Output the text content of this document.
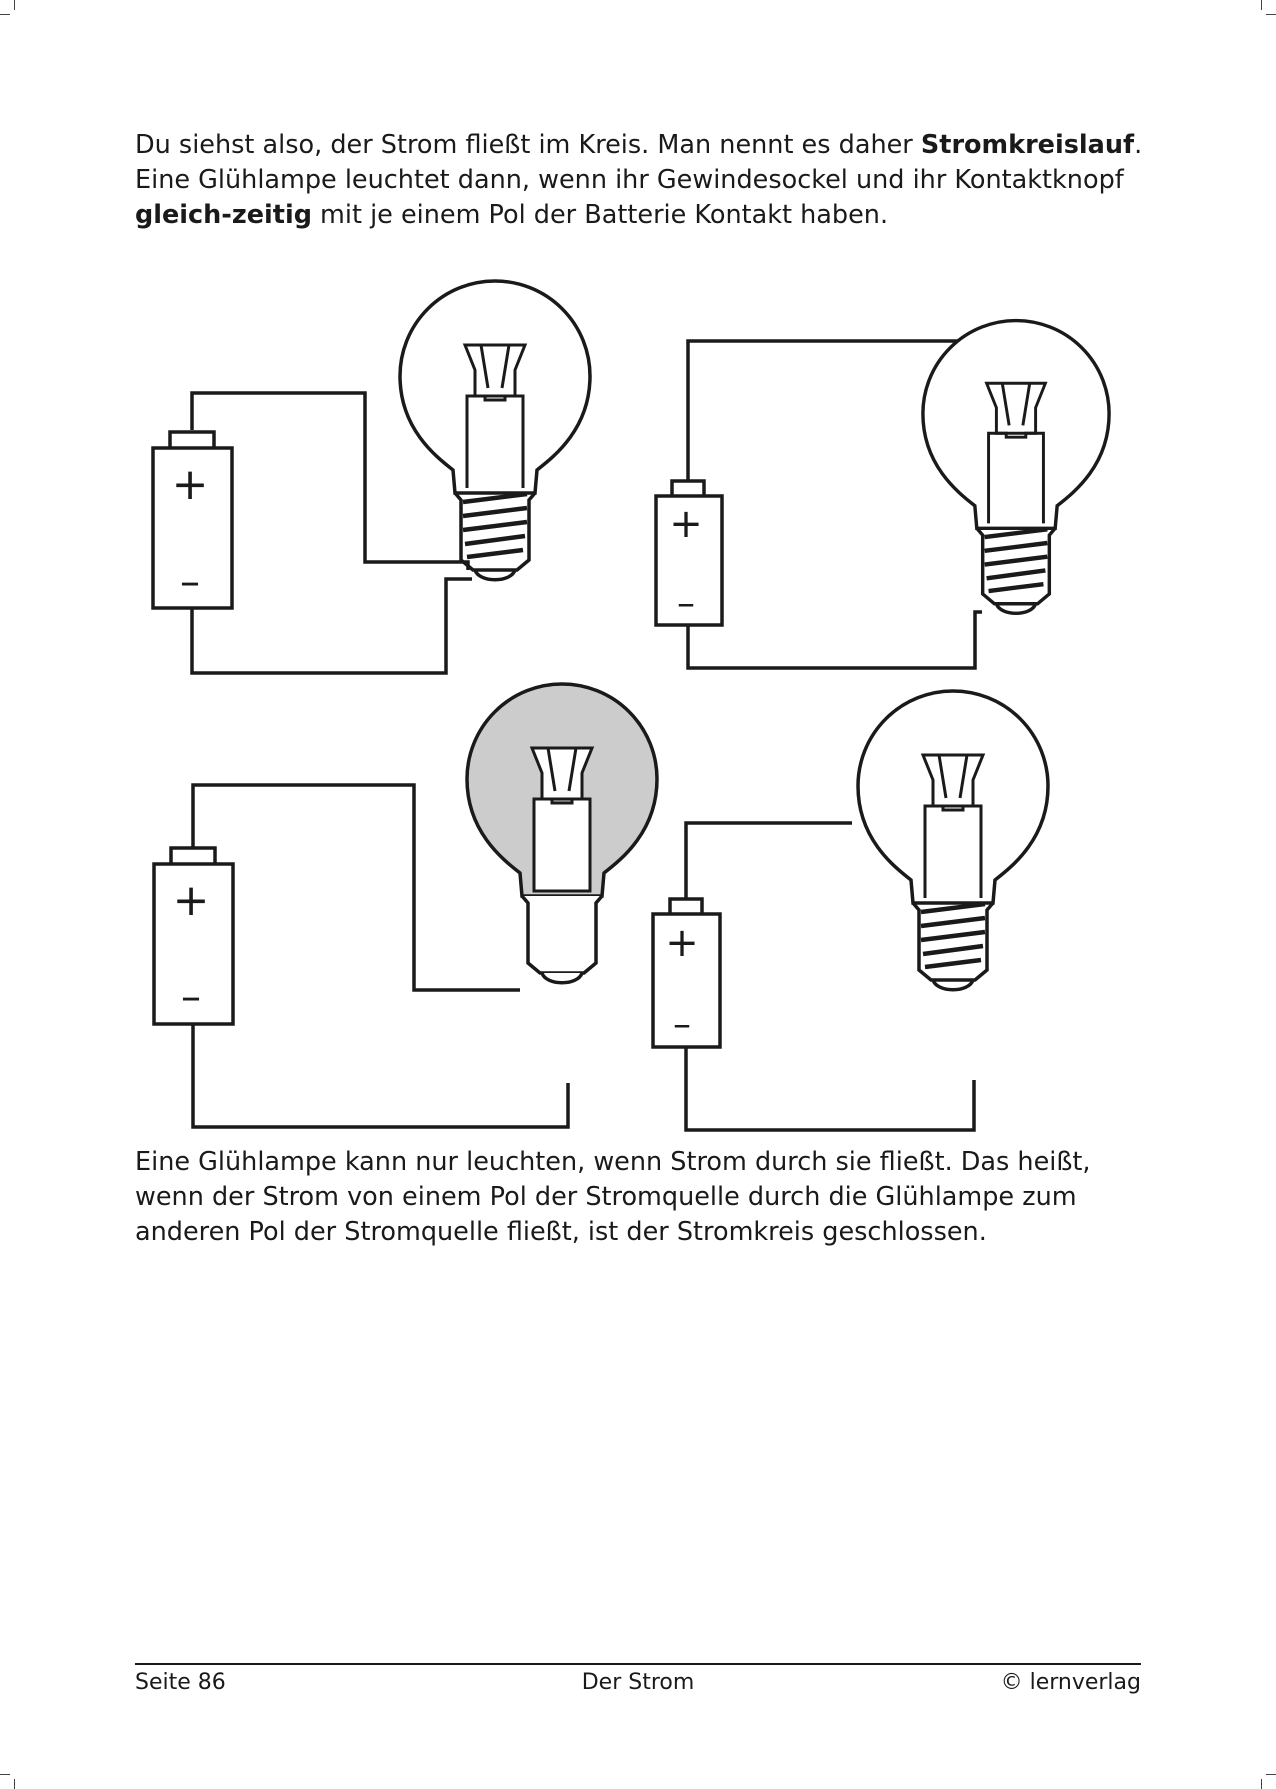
Du siehst also, der Strom fließt im Kreis. Man nennt es daher Stromkreislauf.
Eine Glühlampe leuchtet dann, wenn ihr Gewindesockel und ihr Kontaktknopf gleich-zeitig mit je einem Pol der Batterie Kontakt haben.

+
–
+
–
+
–
+
–

Eine Glühlampe kann nur leuchten, wenn Strom durch sie fließt. Das heißt, wenn der Strom von einem Pol der Stromquelle durch die Glühlampe zum anderen Pol der Stromquelle fließt, ist der Stromkreis geschlossen.

Seite 86	Der Strom	© lernverlag
